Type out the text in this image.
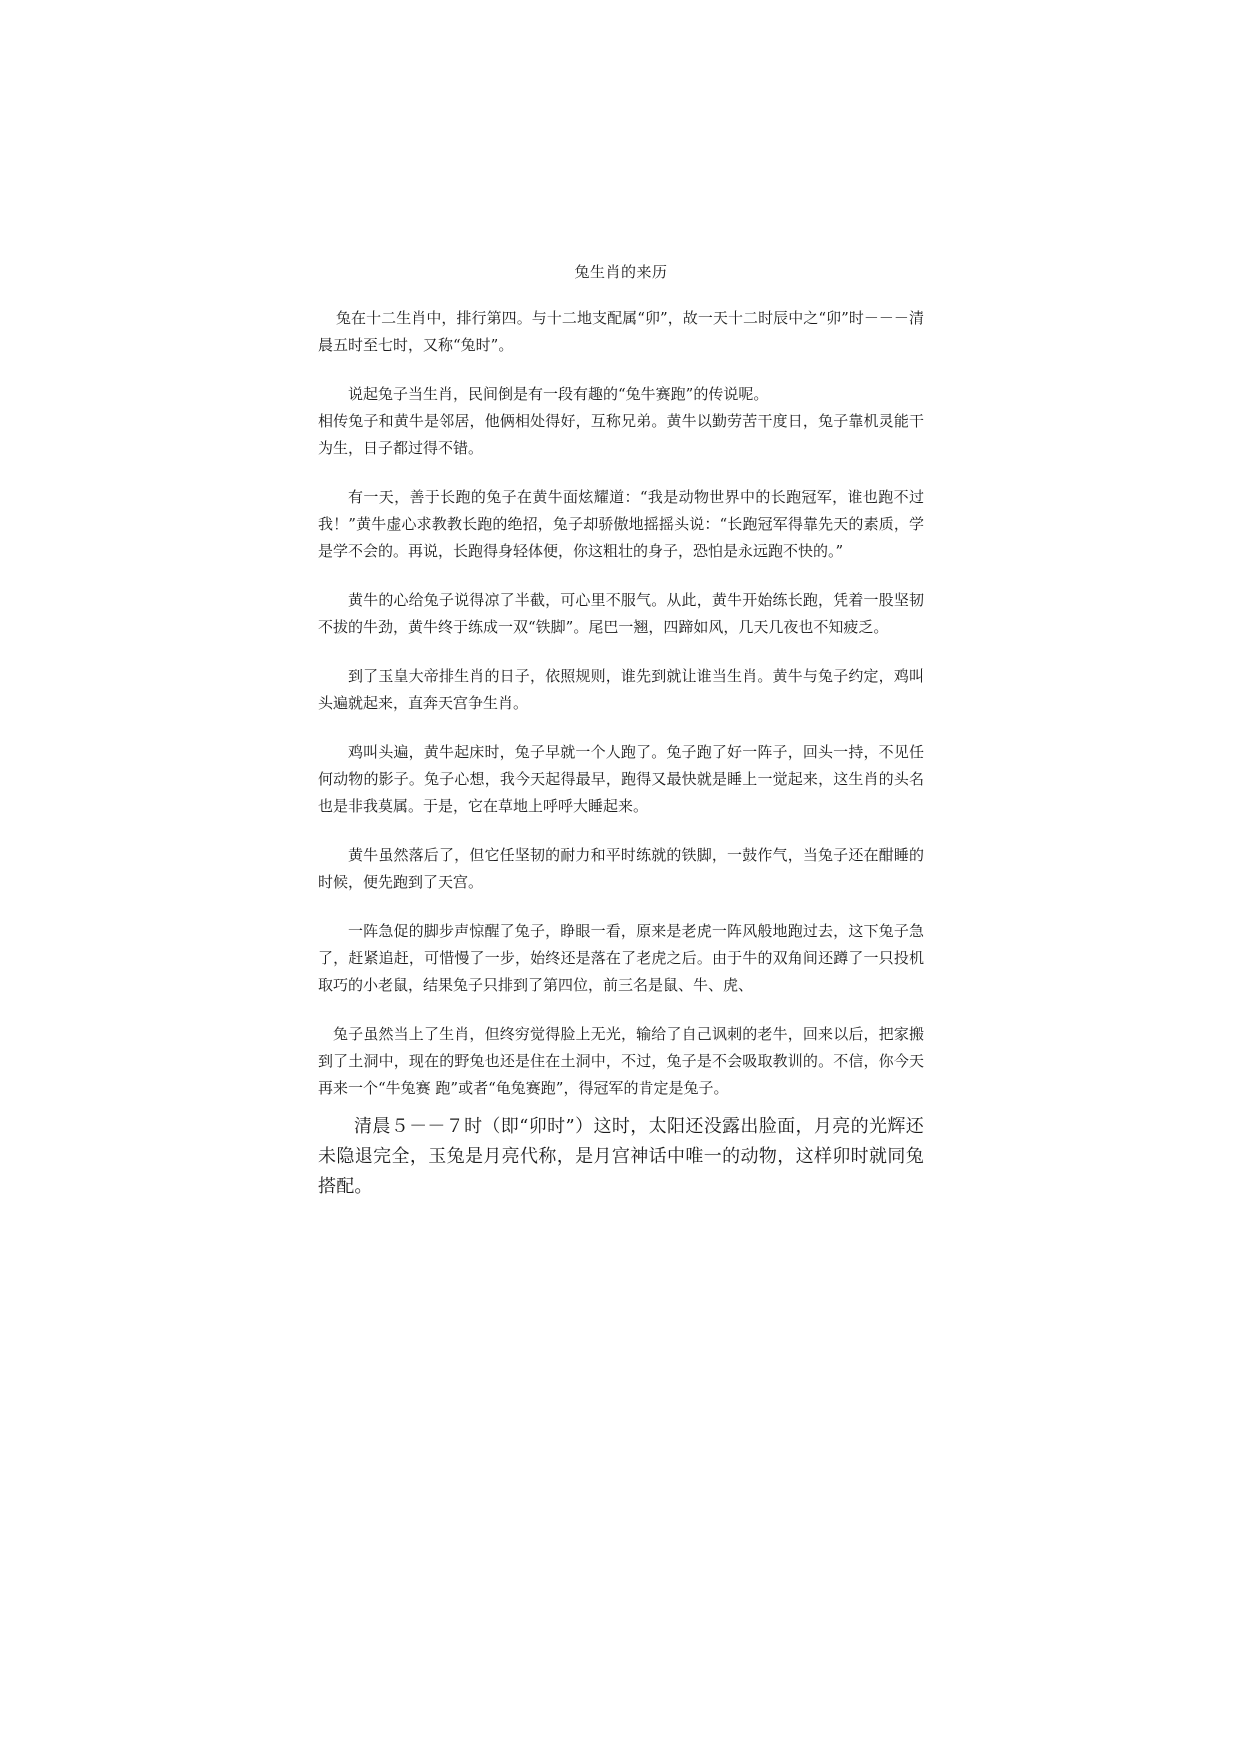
兔生肖的来历

兔在十二生肖中，排行第四。与十二地支配属“卯”，故一天十二时辰中之“卯”时－－－清晨五时至七时，又称“兔时”。

说起兔子当生肖，民间倒是有一段有趣的“兔牛赛跑”的传说呢。

相传兔子和黄牛是邻居，他俩相处得好，互称兄弟。黄牛以勤劳苦干度日，兔子靠机灵能干为生，日子都过得不错。

有一天，善于长跑的兔子在黄牛面炫耀道：“我是动物世界中的长跑冠军，谁也跑不过我！”黄牛虚心求教教长跑的绝招，兔子却骄傲地摇摇头说：“长跑冠军得靠先天的素质，学是学不会的。再说，长跑得身轻体便，你这粗壮的身子，恐怕是永远跑不快的。”

黄牛的心给兔子说得凉了半截，可心里不服气。从此，黄牛开始练长跑，凭着一股坚韧不拔的牛劲，黄牛终于练成一双“铁脚”。尾巴一翘，四蹄如风，几天几夜也不知疲乏。

到了玉皇大帝排生肖的日子，依照规则，谁先到就让谁当生肖。黄牛与兔子约定，鸡叫头遍就起来，直奔天宫争生肖。

鸡叫头遍，黄牛起床时，兔子早就一个人跑了。兔子跑了好一阵子，回头一持，不见任何动物的影子。兔子心想，我今天起得最早，跑得又最快就是睡上一觉起来，这生肖的头名也是非我莫属。于是，它在草地上呼呼大睡起来。

黄牛虽然落后了，但它任坚韧的耐力和平时练就的铁脚，一鼓作气，当兔子还在酣睡的时候，便先跑到了天宫。

一阵急促的脚步声惊醒了兔子，睁眼一看，原来是老虎一阵风般地跑过去，这下兔子急了，赶紧追赶，可惜慢了一步，始终还是落在了老虎之后。由于牛的双角间还蹲了一只投机取巧的小老鼠，结果兔子只排到了第四位，前三名是鼠、牛、虎、

兔子虽然当上了生肖，但终穷觉得脸上无光，输给了自己讽刺的老牛，回来以后，把家搬到了土洞中，现在的野兔也还是住在土洞中，不过，兔子是不会吸取教训的。不信，你今天再来一个“牛兔赛 跑”或者“龟兔赛跑”，得冠军的肯定是兔子。

清晨５－－７时（即“卯时”）这时，太阳还没露出脸面，月亮的光辉还未隐退完全，玉兔是月亮代称，是月宫神话中唯一的动物，这样卯时就同兔搭配。
